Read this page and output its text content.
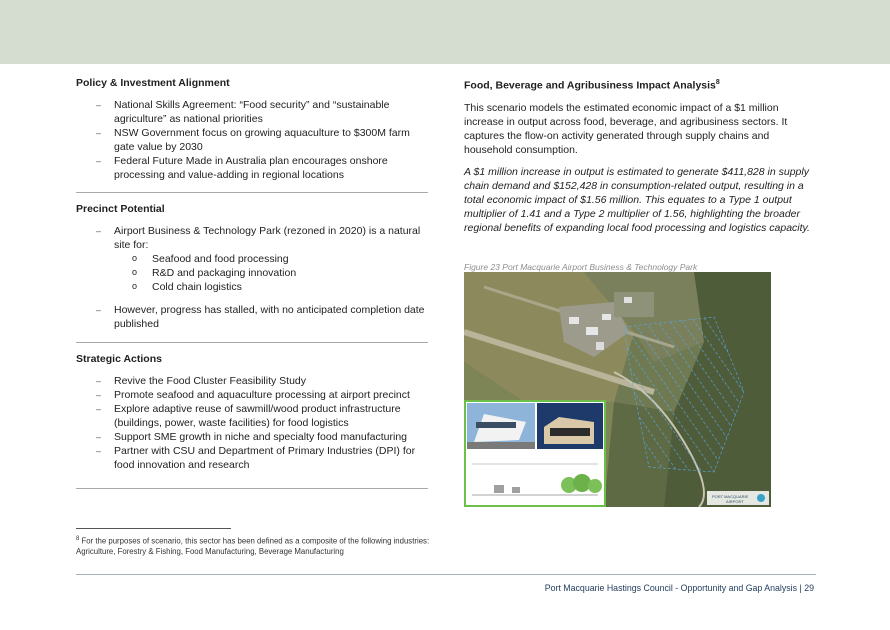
Policy & Investment Alignment
– National Skills Agreement: “Food security” and “sustainable agriculture” as national priorities
– NSW Government focus on growing aquaculture to $300M farm gate value by 2030
– Federal Future Made in Australia plan encourages onshore processing and value-adding in regional locations
Precinct Potential
– Airport Business & Technology Park (rezoned in 2020) is a natural site for:
o Seafood and food processing
o R&D and packaging innovation
o Cold chain logistics
– However, progress has stalled, with no anticipated completion date published
Strategic Actions
– Revive the Food Cluster Feasibility Study
– Promote seafood and aquaculture processing at airport precinct
– Explore adaptive reuse of sawmill/wood product infrastructure (buildings, power, waste facilities) for food logistics
– Support SME growth in niche and specialty food manufacturing
– Partner with CSU and Department of Primary Industries (DPI) for food innovation and research
Food, Beverage and Agribusiness Impact Analysis$^8$

This scenario models the estimated economic impact of a $1 million increase in output across food, beverage, and agribusiness sectors. It captures the flow-on activity generated through supply chains and household consumption.

A $1 million increase in output is estimated to generate $411,828 in supply chain demand and $152,428 in consumption-related output, resulting in a total economic impact of $1.56 million. This equates to a Type 1 output multiplier of 1.41 and a Type 2 multiplier of 1.56, highlighting the broader regional benefits of expanding local food processing and logistics capacity.

Figure 23 Port Macquarie Airport Business & Technology Park
PORT MACQUARIE
AIRPORT
$^8$ For the purposes of scenario, this sector has been defined as a composite of the following industries: Agriculture, Forestry & Fishing, Food Manufacturing, Beverage Manufacturing
Port Macquarie Hastings Council - Opportunity and Gap Analysis | 29
